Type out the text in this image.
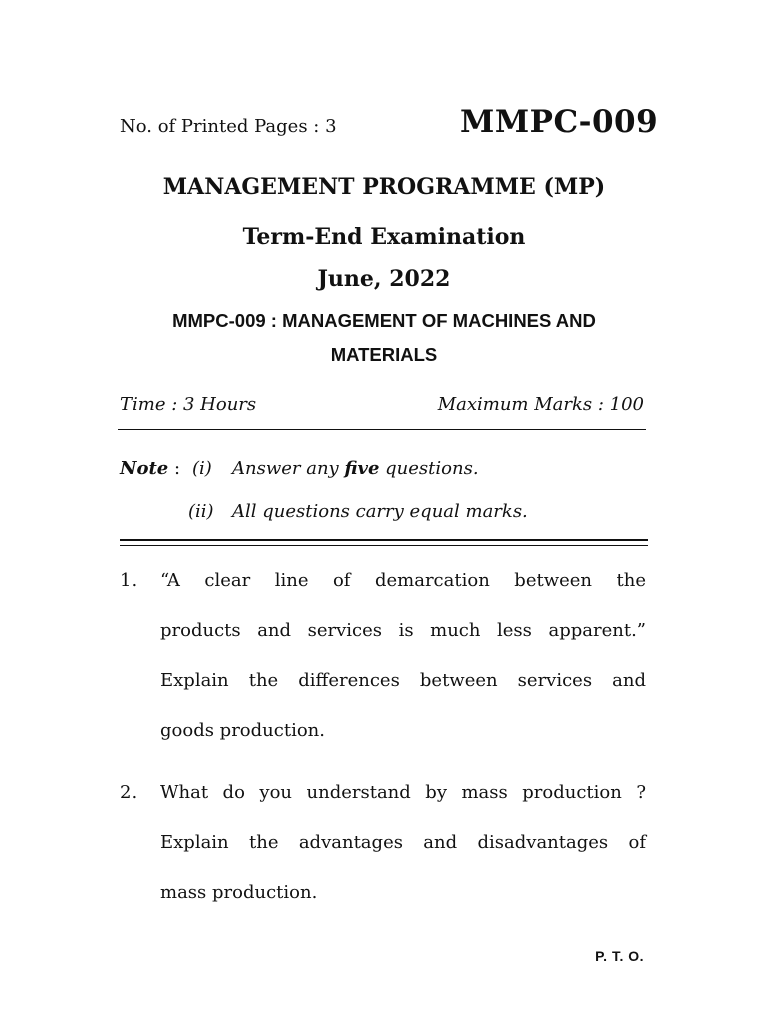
No. of Printed Pages : 3	MMPC-009
MANAGEMENT PROGRAMME (MP)
Term-End Examination
June, 2022
MMPC-009 : MANAGEMENT OF MACHINES AND
MATERIALS
Time : 3 Hours	Maximum Marks : 100
Note : (i) Answer any five questions.
(ii) All questions carry equal marks.
1. “A clear line of demarcation between the
products and services is much less apparent.”
Explain the differences between services and
goods production.
2. What do you understand by mass production ?
Explain the advantages and disadvantages of
mass production.
P. T. O.
